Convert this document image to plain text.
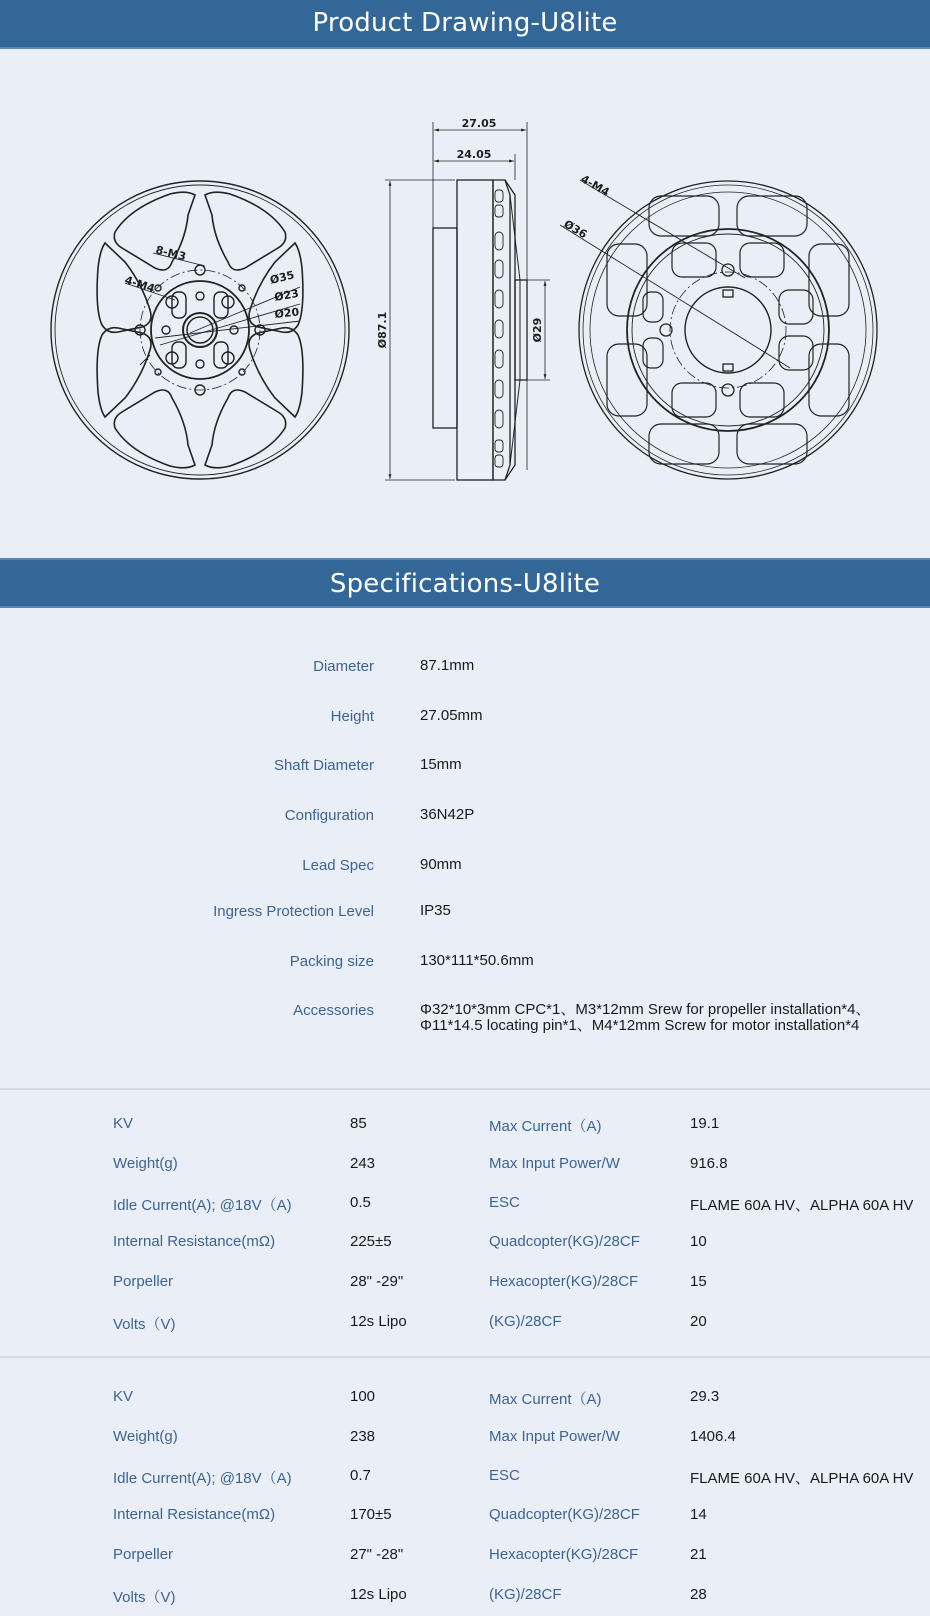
Product Drawing-U8lite
8-M3
4-M4	Ø35
Ø23
Ø20
27.05
24.05
Ø87.1	Ø29
4-M4
Ø36
Specifications-U8lite
Diameter	87.1mm
Height	27.05mm
Shaft Diameter	15mm
Configuration	36N42P
Lead Spec	90mm
Ingress Protection Level	IP35
Packing size	130*111*50.6mm
Accessories	Φ32*10*3mm CPC*1、M3*12mm Srew for propeller installation*4、
Φ11*14.5 locating pin*1、M4*12mm Screw for motor installation*4
KV	85	Max Current（A)	19.1
Weight(g)	243	Max Input Power/W	916.8
Idle Current(A); @18V（A)	0.5	ESC	FLAME 60A HV、ALPHA 60A HV
Internal Resistance(mΩ)	225±5	Quadcopter(KG)/28CF	10
Porpeller	28" -29"	Hexacopter(KG)/28CF	15
Volts（V)	12s Lipo	(KG)/28CF	20
KV	100	Max Current（A)	29.3
Weight(g)	238	Max Input Power/W	1406.4
Idle Current(A); @18V（A)	0.7	ESC	FLAME 60A HV、ALPHA 60A HV
Internal Resistance(mΩ)	170±5	Quadcopter(KG)/28CF	14
Porpeller	27" -28"	Hexacopter(KG)/28CF	21
Volts（V)	12s Lipo	(KG)/28CF	28
